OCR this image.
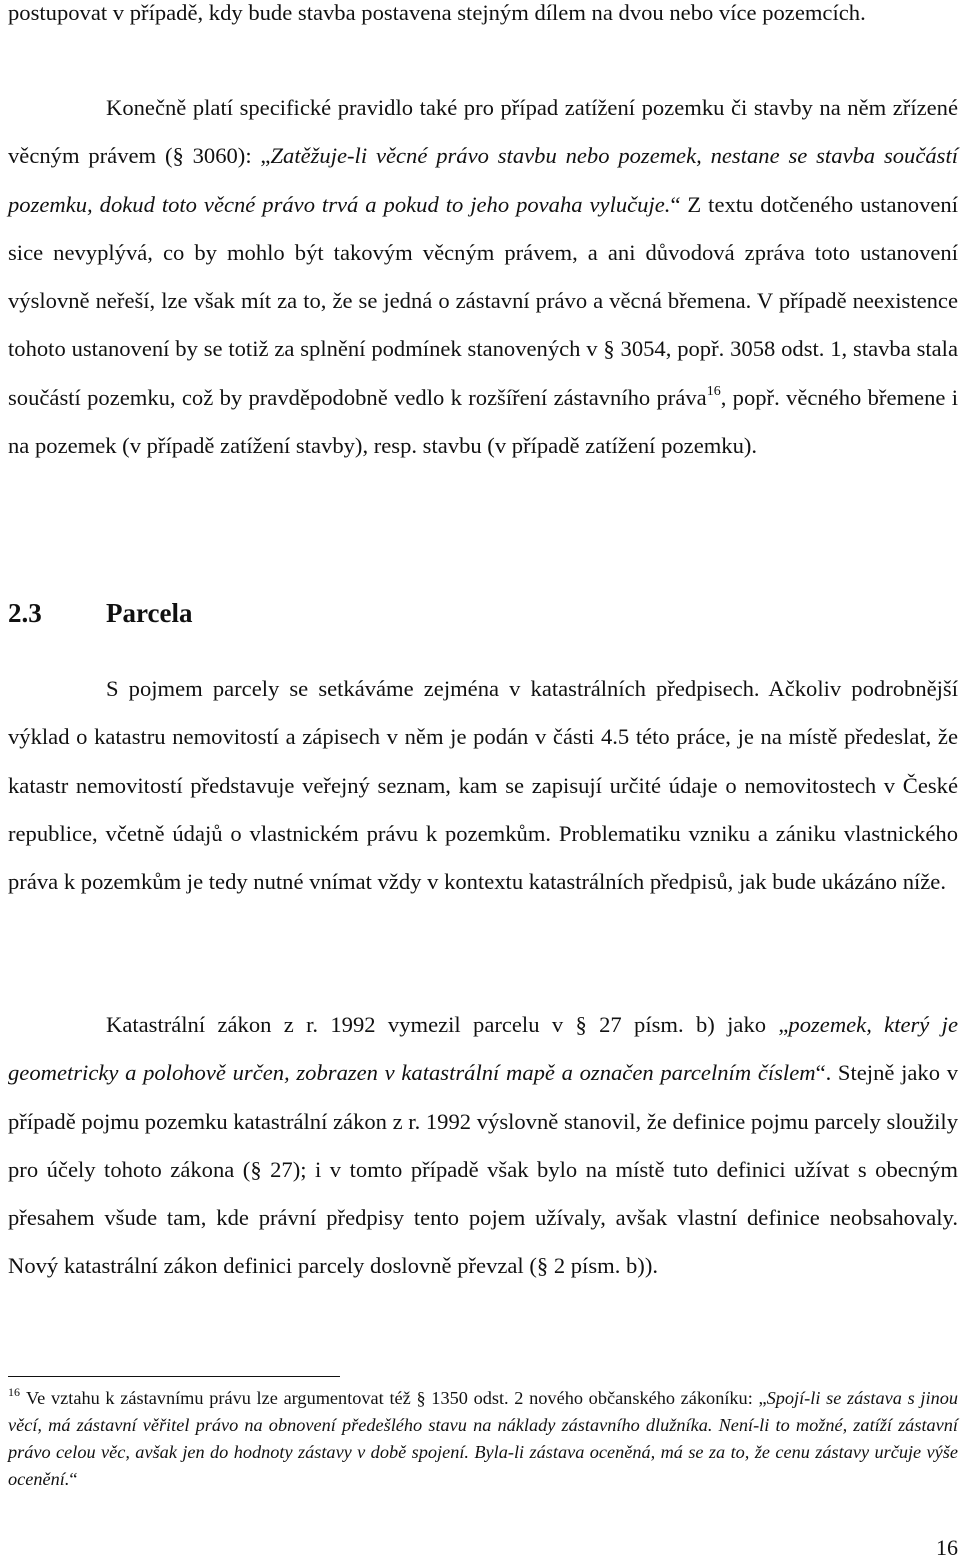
postupovat v případě, kdy bude stavba postavena stejným dílem na dvou nebo více pozemcích.

Konečně platí specifické pravidlo také pro případ zatížení pozemku či stavby na něm zřízené věcným právem (§ 3060): „Zatěžuje-li věcné právo stavbu nebo pozemek, nestane se stavba součástí pozemku, dokud toto věcné právo trvá a pokud to jeho povaha vylučuje.“ Z textu dotčeného ustanovení sice nevyplývá, co by mohlo být takovým věcným právem, a ani důvodová zpráva toto ustanovení výslovně neřeší, lze však mít za to, že se jedná o zástavní právo a věcná břemena. V případě neexistence tohoto ustanovení by se totiž za splnění podmínek stanovených v § 3054, popř. 3058 odst. 1, stavba stala součástí pozemku, což by pravděpodobně vedlo k rozšíření zástavního práva$^{16}$, popř. věcného břemene i na pozemek (v případě zatížení stavby), resp. stavbu (v případě zatížení pozemku).

2.3 Parcela

S pojmem parcely se setkáváme zejména v katastrálních předpisech. Ačkoliv podrobnější výklad o katastru nemovitostí a zápisech v něm je podán v části 4.5 této práce, je na místě předeslat, že katastr nemovitostí představuje veřejný seznam, kam se zapisují určité údaje o nemovitostech v České republice, včetně údajů o vlastnickém právu k pozemkům. Problematiku vzniku a zániku vlastnického práva k pozemkům je tedy nutné vnímat vždy v kontextu katastrálních předpisů, jak bude ukázáno níže.

Katastrální zákon z r. 1992 vymezil parcelu v § 27 písm. b) jako „pozemek, který je geometricky a polohově určen, zobrazen v katastrální mapě a označen parcelním číslem“. Stejně jako v případě pojmu pozemku katastrální zákon z r. 1992 výslovně stanovil, že definice pojmu parcely sloužily pro účely tohoto zákona (§ 27); i v tomto případě však bylo na místě tuto definici užívat s obecným přesahem všude tam, kde právní předpisy tento pojem užívaly, avšak vlastní definice neobsahovaly. Nový katastrální zákon definici parcely doslovně převzal (§ 2 písm. b)).

$^{16}$ Ve vztahu k zástavnímu právu lze argumentovat též § 1350 odst. 2 nového občanského zákoníku: „Spojí-li se zástava s jinou věcí, má zástavní věřitel právo na obnovení předešlého stavu na náklady zástavního dlužníka. Není-li to možné, zatíží zástavní právo celou věc, avšak jen do hodnoty zástavy v době spojení. Byla-li zástava oceněná, má se za to, že cenu zástavy určuje výše ocenění.“

16
